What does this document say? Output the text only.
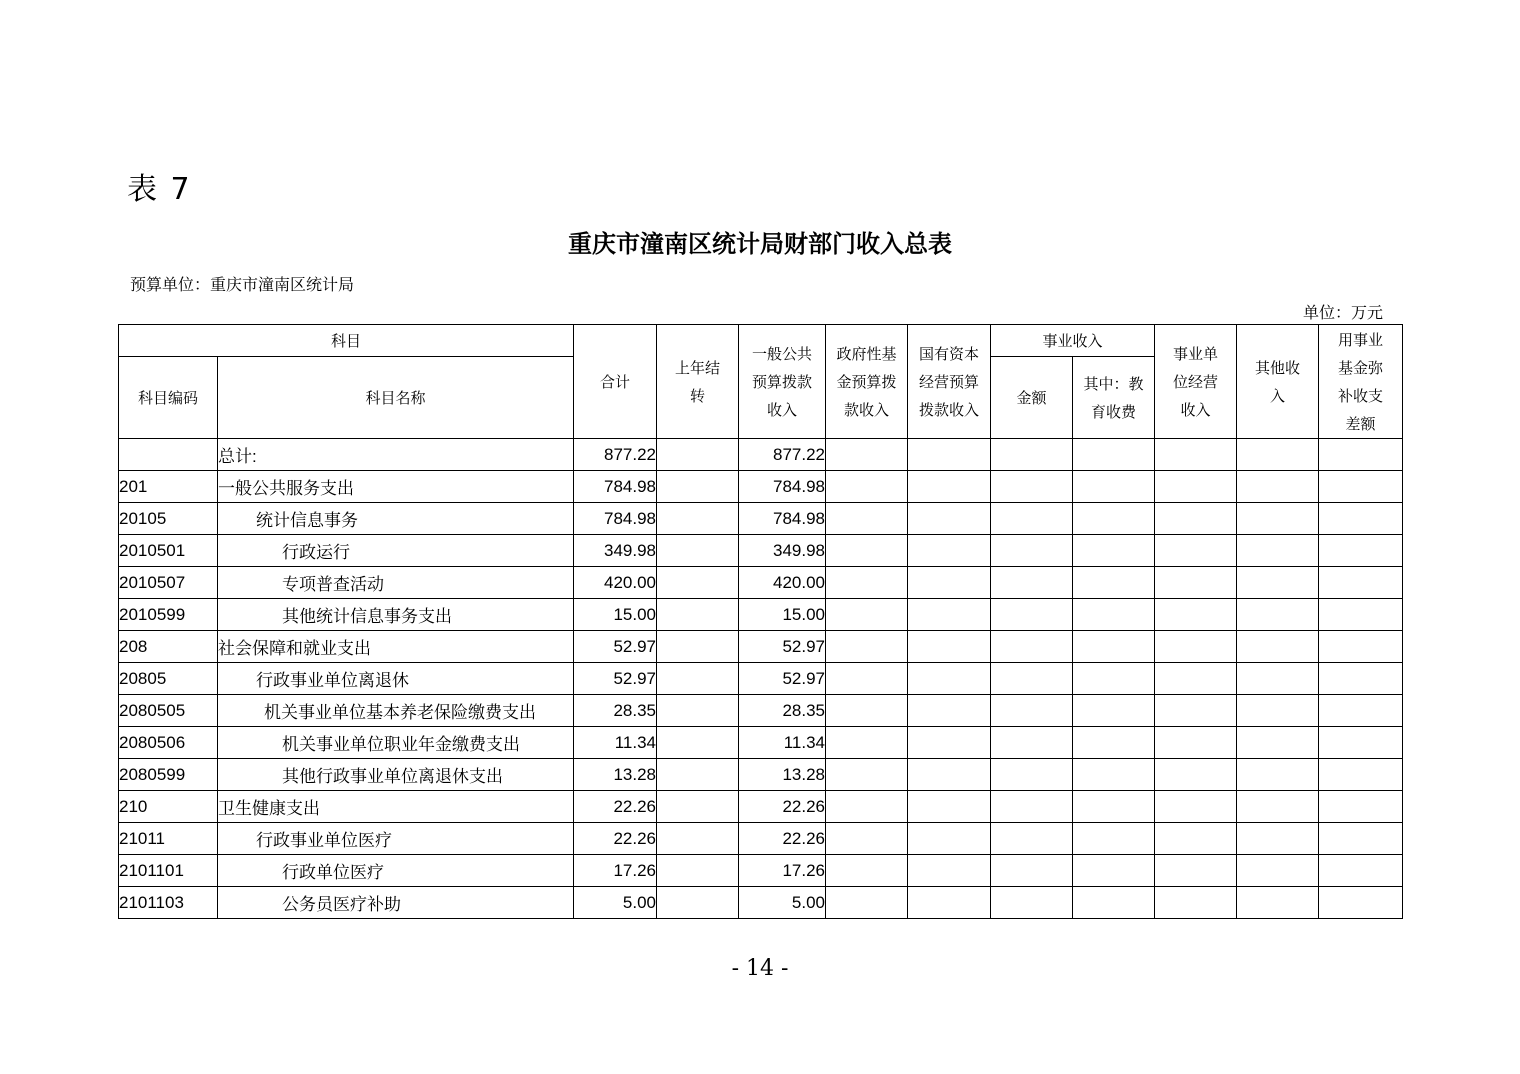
表 7
重庆市潼南区统计局财部门收入总表
预算单位：重庆市潼南区统计局
单位：万元
科目		合计	上年结转	一般公共预算拨款收入	政府性基金预算拨款收入	国有资本经营预算拨款收入	事业收入		事业单位经营收入	其他收入	用事业基金弥补收支差额
科目编码	科目名称						金额	其中：教育收费			
	总计:	877.22		877.22							
201	一般公共服务支出	784.98		784.98							
20105	统计信息事务	784.98		784.98							
2010501	行政运行	349.98		349.98							
2010507	专项普查活动	420.00		420.00							
2010599	其他统计信息事务支出	15.00		15.00							
208	社会保障和就业支出	52.97		52.97							
20805	行政事业单位离退休	52.97		52.97							
2080505	机关事业单位基本养老保险缴费支出	28.35		28.35							
2080506	机关事业单位职业年金缴费支出	11.34		11.34							
2080599	其他行政事业单位离退休支出	13.28		13.28							
210	卫生健康支出	22.26		22.26							
21011	行政事业单位医疗	22.26		22.26							
2101101	行政单位医疗	17.26		17.26							
2101103	公务员医疗补助	5.00		5.00							
- 14 -
